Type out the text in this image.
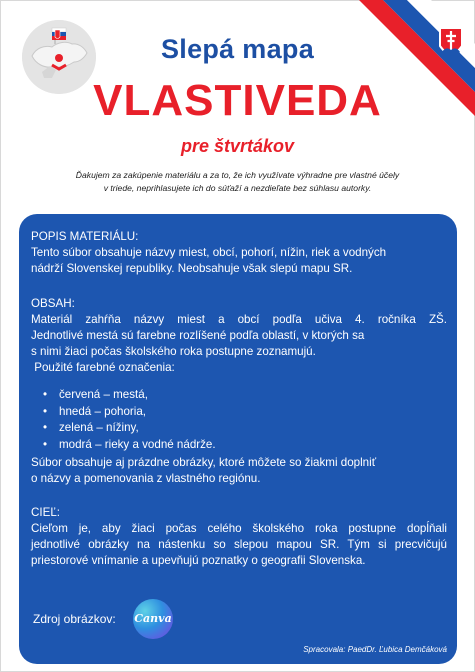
Slepá mapa
VLASTIVEDA
pre štvrtákov
Ďakujem za zakúpenie materiálu a za to, že ich využívate výhradne pre vlastné účely
v triede, neprihlasujete ich do súťaží a nezdieľate bez súhlasu autorky.
POPIS MATERIÁLU:
Tento súbor obsahuje názvy miest, obcí, pohorí, nížin, riek a vodných
nádrží Slovenskej republiky. Neobsahuje však slepú mapu SR.
OBSAH:
Materiál zahŕňa názvy miest a obcí podľa učiva 4. ročníka ZŠ.
Jednotlivé mestá sú farebne rozlíšené podľa oblastí, v ktorých sa
s nimi žiaci počas školského roka postupne zoznamujú.
Použité farebné označenia:
• červená – mestá,
• hnedá – pohoria,
• zelená – nížiny,
• modrá – rieky a vodné nádrže.
Súbor obsahuje aj prázdne obrázky, ktoré môžete so žiakmi doplniť
o názvy a pomenovania z vlastného regiónu.
CIEĽ:
Cieľom je, aby žiaci počas celého školského roka postupne dopĺňali
jednotlivé obrázky na nástenku so slepou mapou SR. Tým si precvičujú
priestorové vnímanie a upevňujú poznatky o geografii Slovenska.
Zdroj obrázkov: Canva
Spracovala: PaedDr. Ľubica Demčáková
